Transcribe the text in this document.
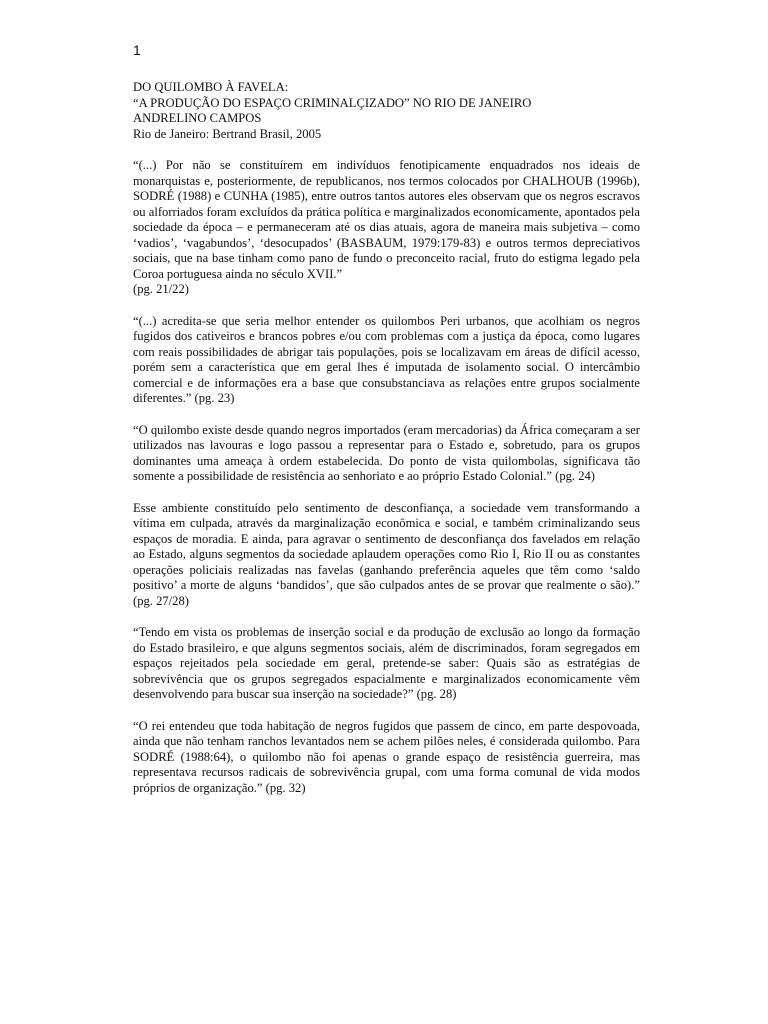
1
DO QUILOMBO À FAVELA:
“A PRODUÇÃO DO ESPAÇO CRIMINALÇIZADO” NO RIO DE JANEIRO
ANDRELINO CAMPOS
Rio de Janeiro: Bertrand Brasil, 2005

“(...) Por não se constituírem em indivíduos fenotipicamente enquadrados nos ideais de monarquistas e, posteriormente, de republicanos, nos termos colocados por CHALHOUB (1996b), SODRÉ (1988) e CUNHA (1985), entre outros tantos autores eles observam que os negros escravos ou alforriados foram excluídos da prática política e marginalizados economicamente, apontados pela sociedade da época – e permaneceram até os dias atuais, agora de maneira mais subjetiva – como ‘vadios’, ‘vagabundos’, ‘desocupados’ (BASBAUM, 1979:179-83) e outros termos depreciativos sociais, que na base tinham como pano de fundo o preconceito racial, fruto do estigma legado pela Coroa portuguesa ainda no século XVII.”
(pg. 21/22)

“(...) acredita-se que seria melhor entender os quilombos Peri urbanos, que acolhiam os negros fugidos dos cativeiros e brancos pobres e/ou com problemas com a justiça da época, como lugares com reais possibilidades de abrigar tais populações, pois se localizavam em áreas de difícil acesso, porém sem a característica que em geral lhes é imputada de isolamento social. O intercâmbio comercial e de informações era a base que consubstanciava as relações entre grupos socialmente diferentes.” (pg. 23)

“O quilombo existe desde quando negros importados (eram mercadorias) da África começaram a ser utilizados nas lavouras e logo passou a representar para o Estado e, sobretudo, para os grupos dominantes uma ameaça à ordem estabelecida. Do ponto de vista quilombolas, significava tão somente a possibilidade de resistência ao senhoriato e ao próprio Estado Colonial.” (pg. 24)

Esse ambiente constituído pelo sentimento de desconfiança, a sociedade vem transformando a vítima em culpada, através da marginalização econômica e social, e também criminalizando seus espaços de moradia. E ainda, para agravar o sentimento de desconfiança dos favelados em relação ao Estado, alguns segmentos da sociedade aplaudem operações como Rio I, Rio II ou as constantes operações policiais realizadas nas favelas (ganhando preferência aqueles que têm como ‘saldo positivo’ a morte de alguns ‘bandidos’, que são culpados antes de se provar que realmente o são).” (pg. 27/28)

“Tendo em vista os problemas de inserção social e da produção de exclusão ao longo da formação do Estado brasileiro, e que alguns segmentos sociais, além de discriminados, foram segregados em espaços rejeitados pela sociedade em geral, pretende-se saber: Quais são as estratégias de sobrevivência que os grupos segregados espacialmente e marginalizados economicamente vêm desenvolvendo para buscar sua inserção na sociedade?” (pg. 28)

“O rei entendeu que toda habitação de negros fugidos que passem de cinco, em parte despovoada, ainda que não tenham ranchos levantados nem se achem pilões neles, é considerada quilombo. Para SODRÉ (1988:64), o quilombo não foi apenas o grande espaço de resistência guerreira, mas representava recursos radicais de sobrevivência grupal, com uma forma comunal de vida modos próprios de organização.” (pg. 32)
